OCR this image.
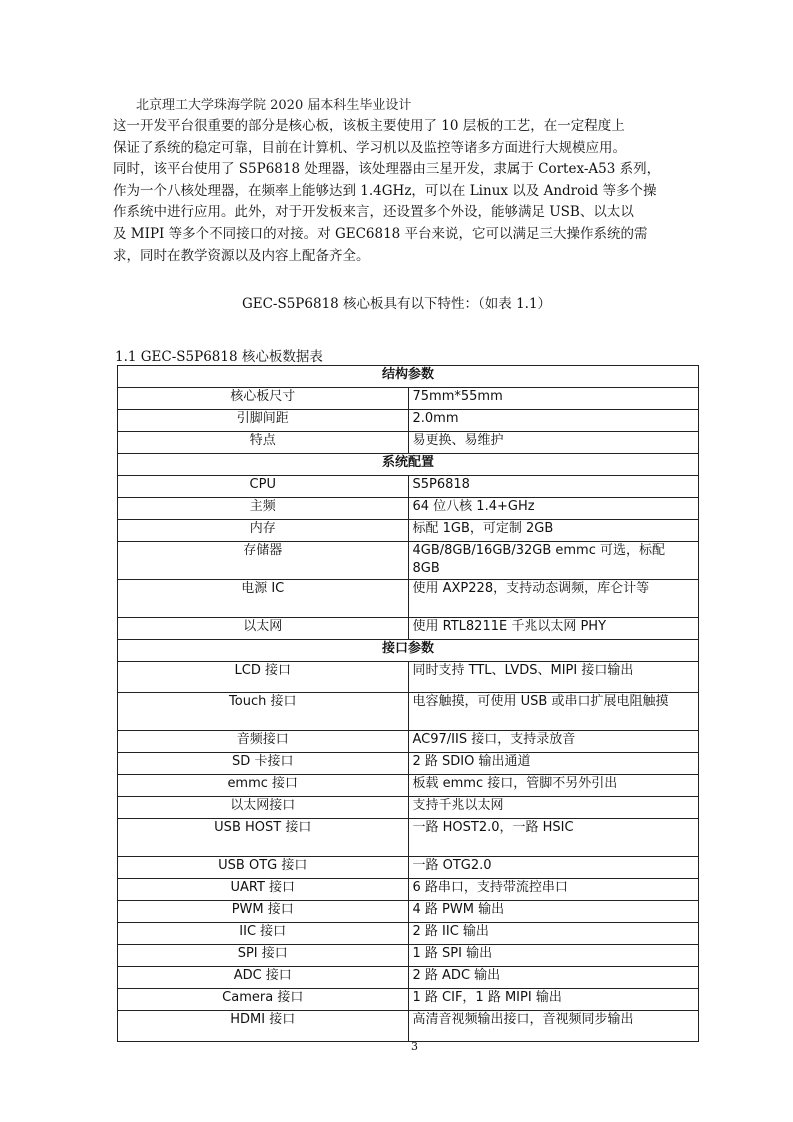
北京理工大学珠海学院 2020 届本科生毕业设计
这一开发平台很重要的部分是核心板，该板主要使用了 10 层板的工艺，在一定程度上
保证了系统的稳定可靠，目前在计算机、学习机以及监控等诸多方面进行大规模应用。
同时，该平台使用了 S5P6818 处理器，该处理器由三星开发，隶属于 Cortex-A53 系列，
作为一个八核处理器，在频率上能够达到 1.4GHz，可以在 Linux 以及 Android 等多个操
作系统中进行应用。此外，对于开发板来言，还设置多个外设，能够满足 USB、以太以
及 MIPI 等多个不同接口的对接。对 GEC6818 平台来说，它可以满足三大操作系统的需
求，同时在教学资源以及内容上配备齐全。
GEC-S5P6818 核心板具有以下特性：（如表 1.1）
1.1 GEC-S5P6818 核心板数据表
结构参数	
核心板尺寸	75mm*55mm
引脚间距	2.0mm
特点	易更换、易维护
系统配置	
CPU	S5P6818
主频	64 位八核 1.4+GHz
内存	标配 1GB，可定制 2GB
存储器	4GB/8GB/16GB/32GB emmc 可选，标配 8GB
电源 IC	使用 AXP228，支持动态调频，库仑计等
以太网	使用 RTL8211E 千兆以太网 PHY
接口参数	
LCD 接口	同时支持 TTL、LVDS、MIPI 接口输出
Touch 接口	电容触摸，可使用 USB 或串口扩展电阻触摸
音频接口	AC97/IIS 接口，支持录放音
SD 卡接口	2 路 SDIO 输出通道
emmc 接口	板载 emmc 接口，管脚不另外引出
以太网接口	支持千兆以太网
USB HOST 接口	一路 HOST2.0，一路 HSIC
USB OTG 接口	一路 OTG2.0
UART 接口	6 路串口，支持带流控串口
PWM 接口	4 路 PWM 输出
IIC 接口	2 路 IIC 输出
SPI 接口	1 路 SPI 输出
ADC 接口	2 路 ADC 输出
Camera 接口	1 路 CIF，1 路 MIPI 输出
HDMI 接口	高清音视频输出接口，音视频同步输出
3
